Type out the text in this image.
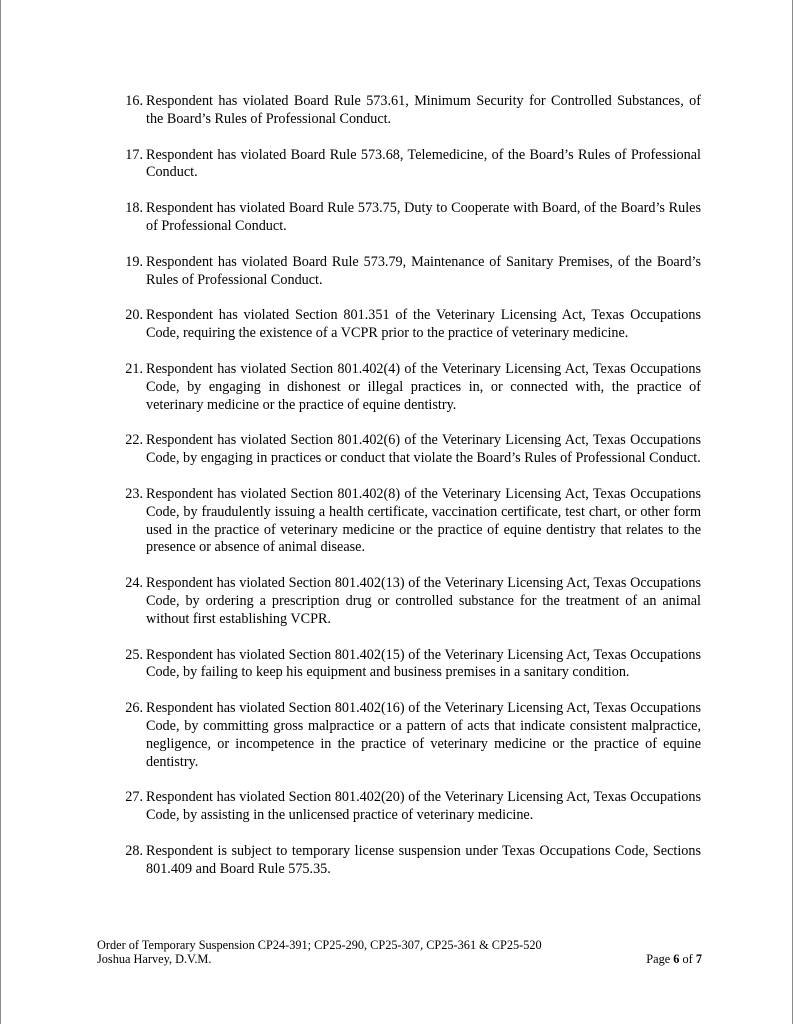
16. Respondent has violated Board Rule 573.61, Minimum Security for Controlled Substances, of the Board’s Rules of Professional Conduct.
17. Respondent has violated Board Rule 573.68, Telemedicine, of the Board’s Rules of Professional Conduct.
18. Respondent has violated Board Rule 573.75, Duty to Cooperate with Board, of the Board’s Rules of Professional Conduct.
19. Respondent has violated Board Rule 573.79, Maintenance of Sanitary Premises, of the Board’s Rules of Professional Conduct.
20. Respondent has violated Section 801.351 of the Veterinary Licensing Act, Texas Occupations Code, requiring the existence of a VCPR prior to the practice of veterinary medicine.
21. Respondent has violated Section 801.402(4) of the Veterinary Licensing Act, Texas Occupations Code, by engaging in dishonest or illegal practices in, or connected with, the practice of veterinary medicine or the practice of equine dentistry.
22. Respondent has violated Section 801.402(6) of the Veterinary Licensing Act, Texas Occupations Code, by engaging in practices or conduct that violate the Board’s Rules of Professional Conduct.
23. Respondent has violated Section 801.402(8) of the Veterinary Licensing Act, Texas Occupations Code, by fraudulently issuing a health certificate, vaccination certificate, test chart, or other form used in the practice of veterinary medicine or the practice of equine dentistry that relates to the presence or absence of animal disease.
24. Respondent has violated Section 801.402(13) of the Veterinary Licensing Act, Texas Occupations Code, by ordering a prescription drug or controlled substance for the treatment of an animal without first establishing VCPR.
25. Respondent has violated Section 801.402(15) of the Veterinary Licensing Act, Texas Occupations Code, by failing to keep his equipment and business premises in a sanitary condition.
26. Respondent has violated Section 801.402(16) of the Veterinary Licensing Act, Texas Occupations Code, by committing gross malpractice or a pattern of acts that indicate consistent malpractice, negligence, or incompetence in the practice of veterinary medicine or the practice of equine dentistry.
27. Respondent has violated Section 801.402(20) of the Veterinary Licensing Act, Texas Occupations Code, by assisting in the unlicensed practice of veterinary medicine.
28. Respondent is subject to temporary license suspension under Texas Occupations Code, Sections 801.409 and Board Rule 575.35.
Order of Temporary Suspension CP24-391; CP25-290, CP25-307, CP25-361 & CP25-520
Joshua Harvey, D.V.M.	Page 6 of 7
